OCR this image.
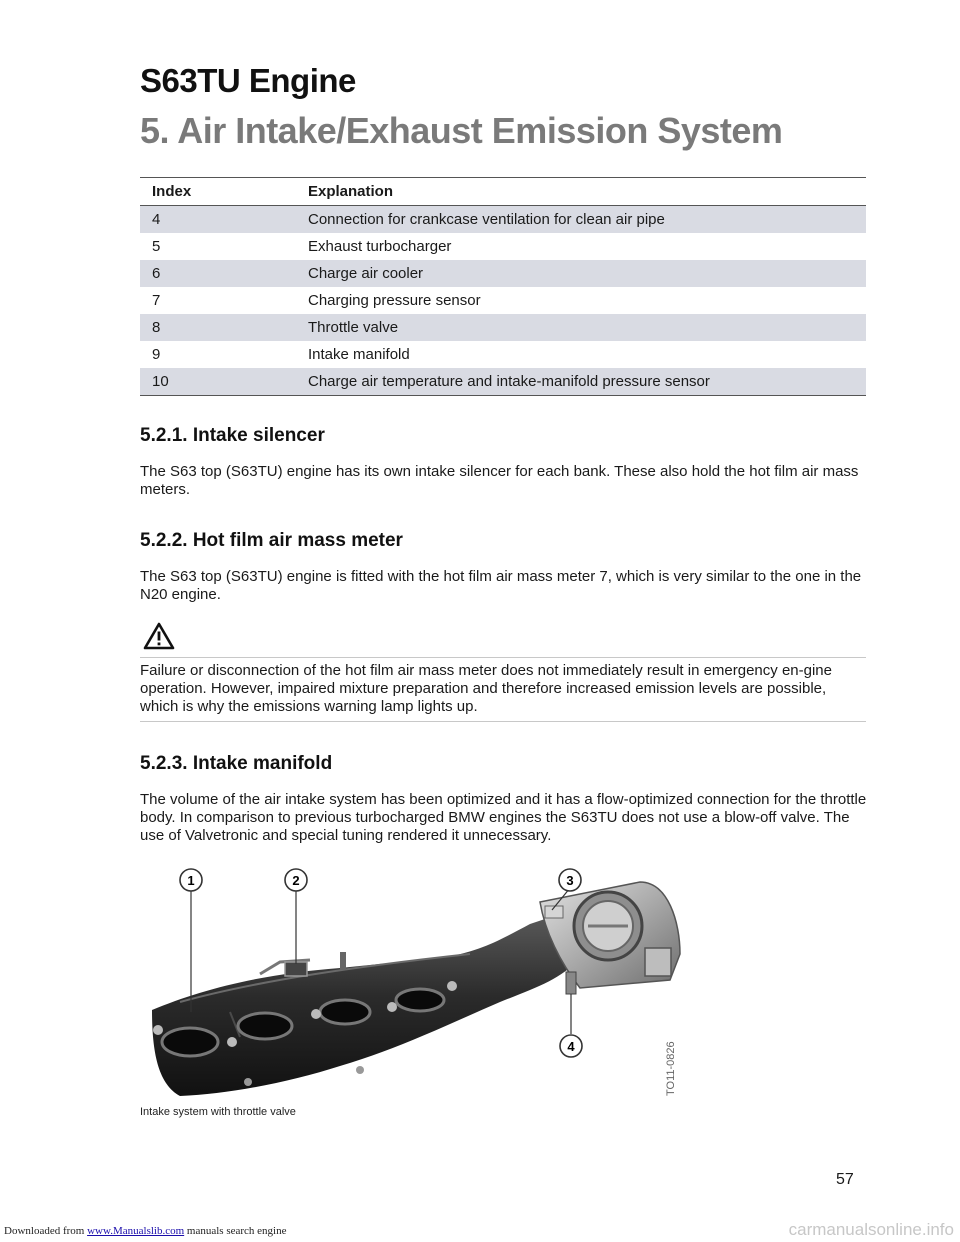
S63TU Engine
5. Air Intake/Exhaust Emission System
Index	Explanation
4	Connection for crankcase ventilation for clean air pipe
5	Exhaust turbocharger
6	Charge air cooler
7	Charging pressure sensor
8	Throttle valve
9	Intake manifold
10	Charge air temperature and intake-manifold pressure sensor
5.2.1. Intake silencer

The S63 top (S63TU) engine has its own intake silencer for each bank. These also hold the hot film air mass meters.

5.2.2. Hot film air mass meter

The S63 top (S63TU) engine is fitted with the hot film air mass meter 7, which is very similar to the one in the N20 engine.

Failure or disconnection of the hot film air mass meter does not immediately result in emergency en-gine operation. However, impaired mixture preparation and therefore increased emission levels are possible, which is why the emissions warning lamp lights up.

5.2.3. Intake manifold

The volume of the air intake system has been optimized and it has a flow-optimized connection for the throttle body. In comparison to previous turbocharged BMW engines the S63TU does not use a blow-off valve. The use of Valvetronic and special tuning rendered it unnecessary.

1	2	3
4	TO11-0826

Intake system with throttle valve

57

Downloaded from www.Manualslib.com manuals search engine	carmanualsonline.info
